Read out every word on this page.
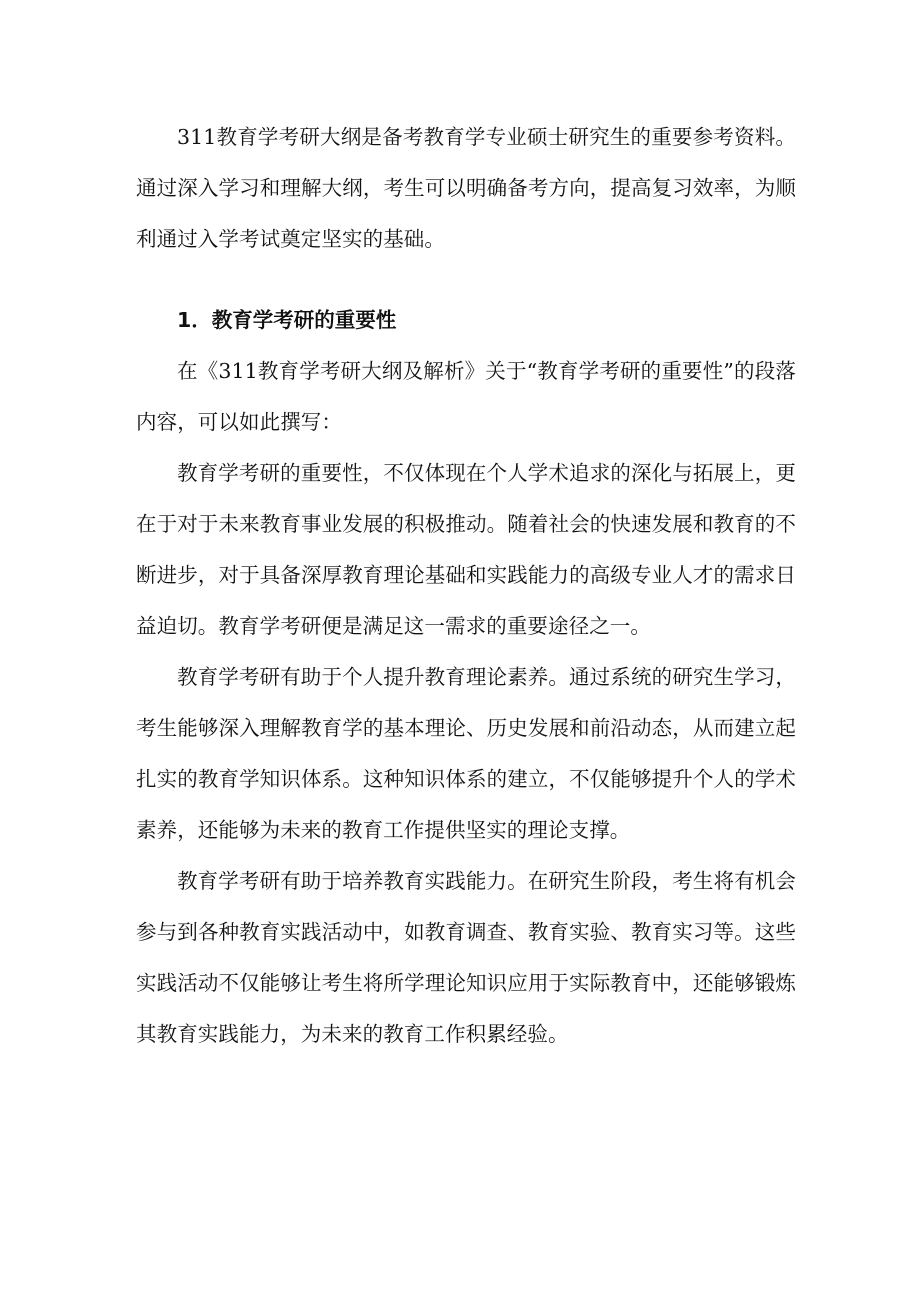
311教育学考研大纲是备考教育学专业硕士研究生的重要参考资料。通过深入学习和理解大纲，考生可以明确备考方向，提高复习效率，为顺利通过入学考试奠定坚实的基础。

1．教育学考研的重要性

在《311教育学考研大纲及解析》关于“教育学考研的重要性”的段落内容，可以如此撰写：

教育学考研的重要性，不仅体现在个人学术追求的深化与拓展上，更在于对于未来教育事业发展的积极推动。随着社会的快速发展和教育的不断进步，对于具备深厚教育理论基础和实践能力的高级专业人才的需求日益迫切。教育学考研便是满足这一需求的重要途径之一。

教育学考研有助于个人提升教育理论素养。通过系统的研究生学习，考生能够深入理解教育学的基本理论、历史发展和前沿动态，从而建立起扎实的教育学知识体系。这种知识体系的建立，不仅能够提升个人的学术素养，还能够为未来的教育工作提供坚实的理论支撑。

教育学考研有助于培养教育实践能力。在研究生阶段，考生将有机会参与到各种教育实践活动中，如教育调查、教育实验、教育实习等。这些实践活动不仅能够让考生将所学理论知识应用于实际教育中，还能够锻炼其教育实践能力，为未来的教育工作积累经验。
